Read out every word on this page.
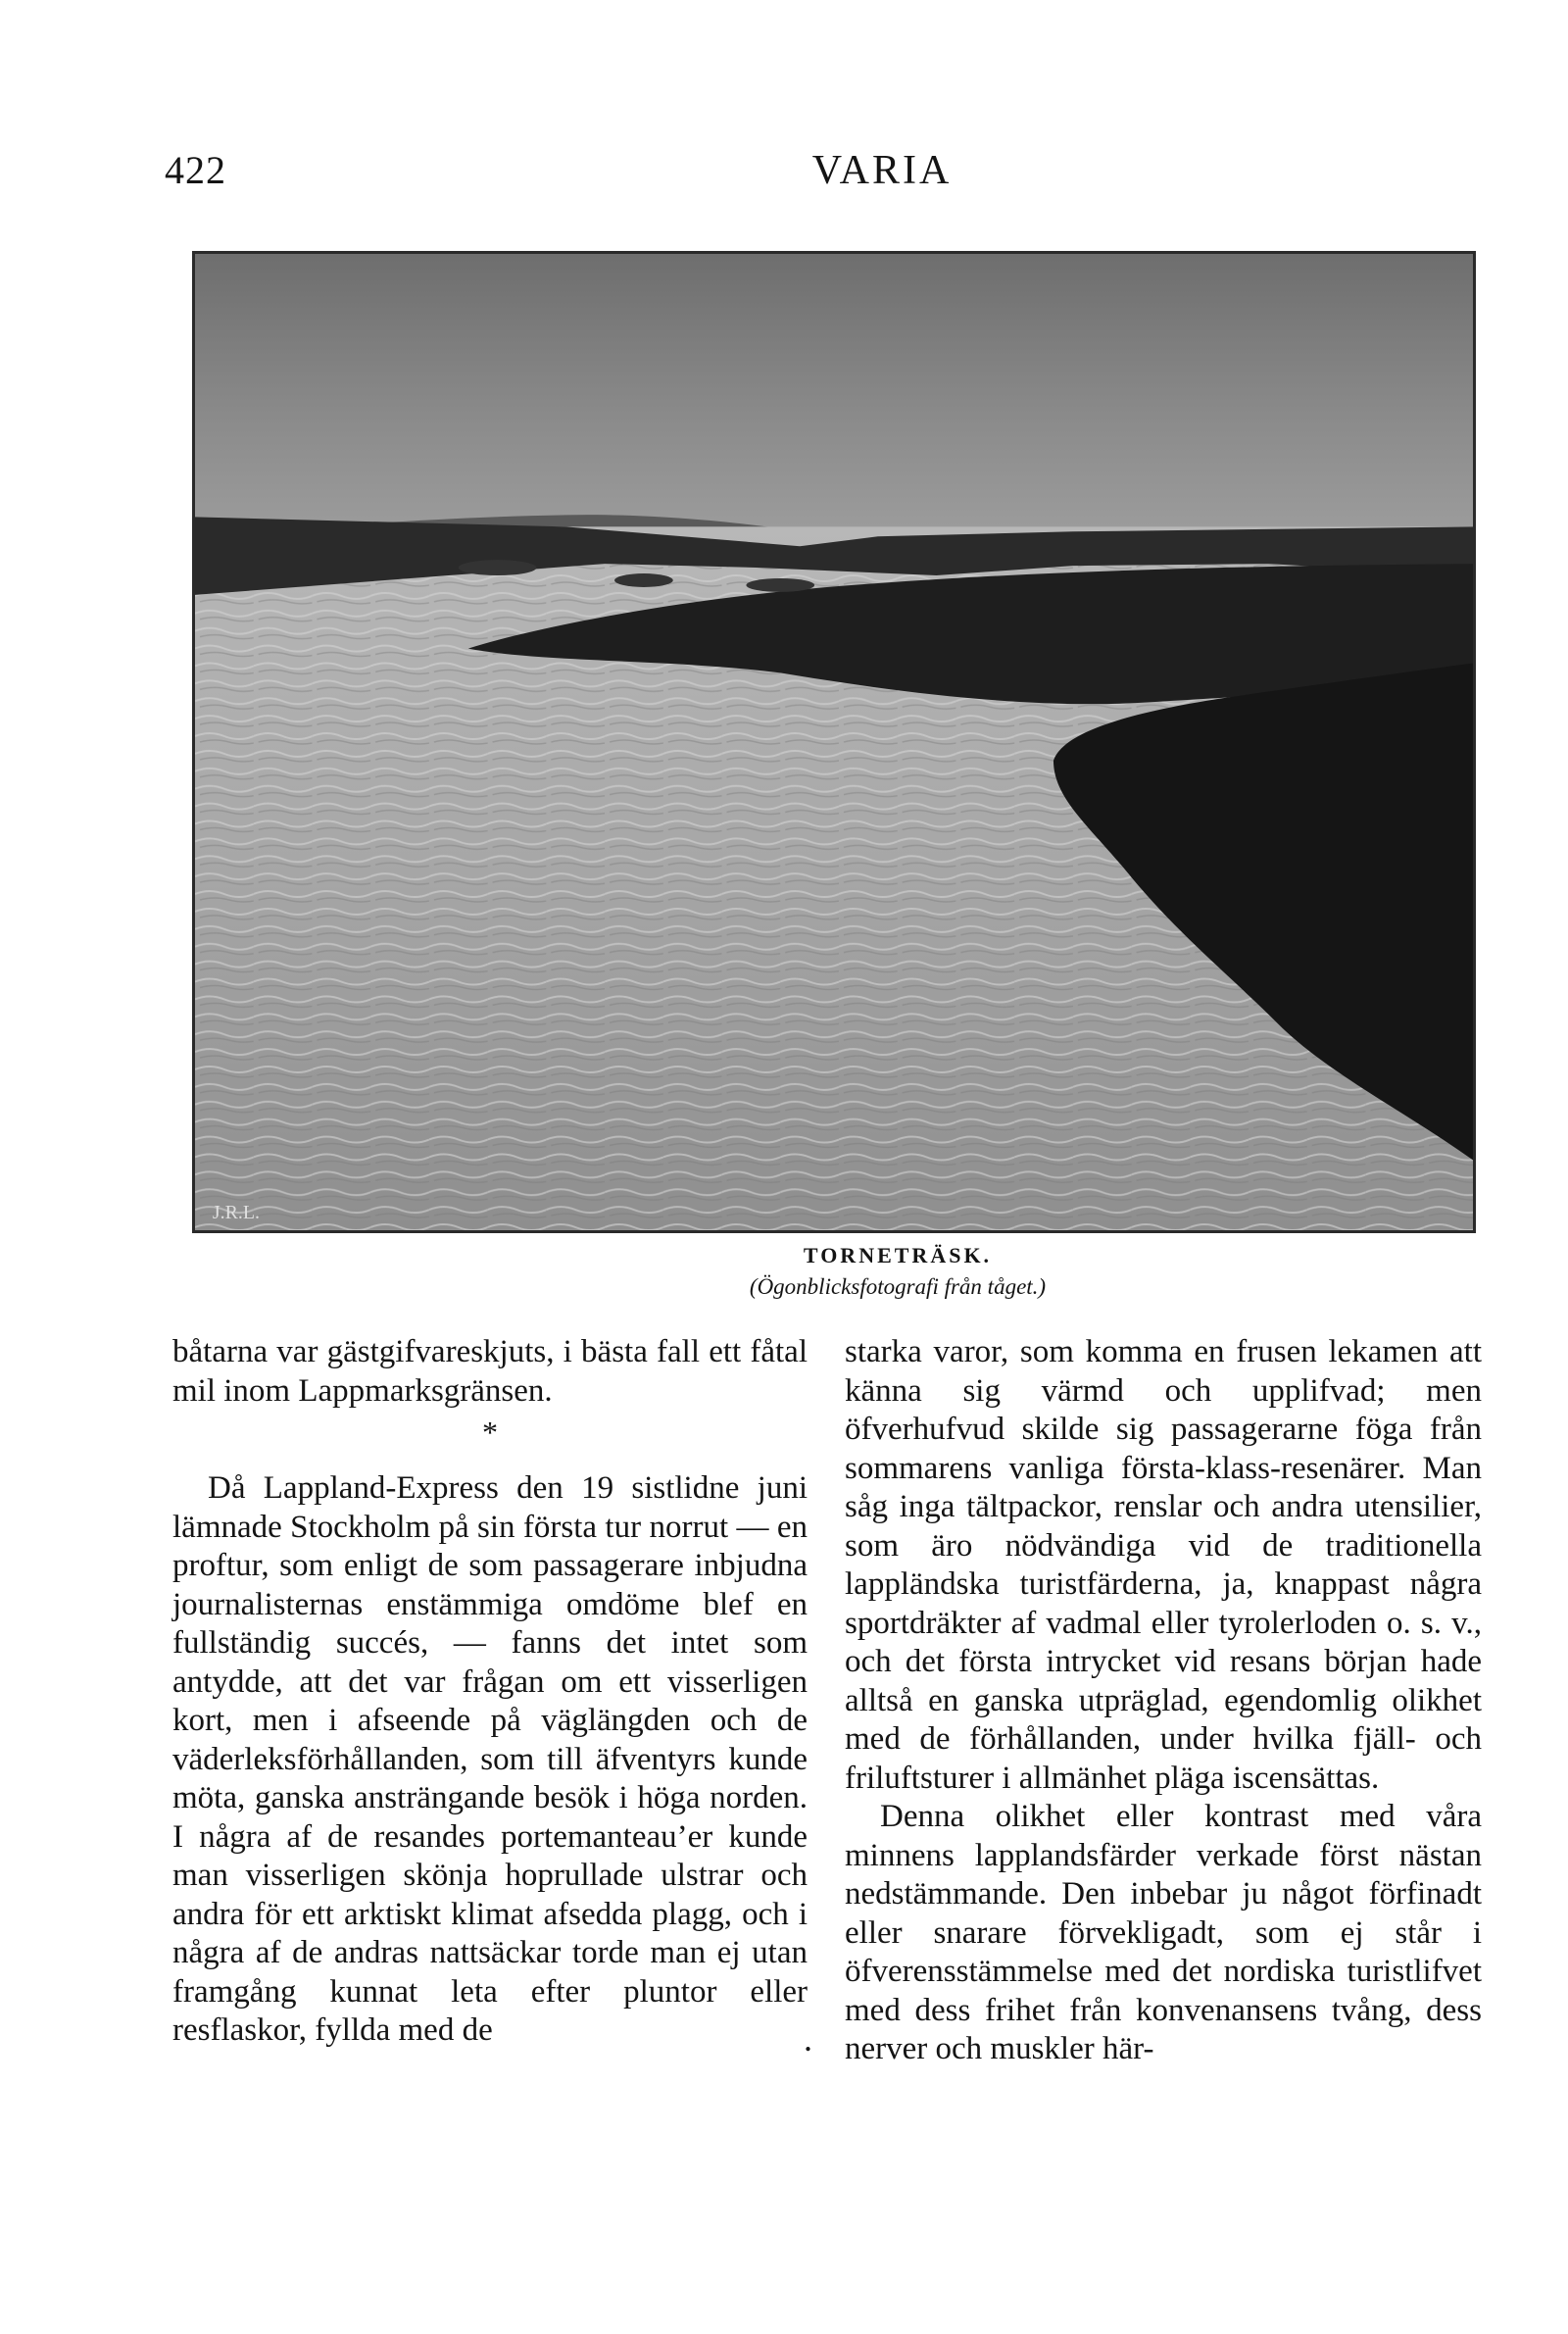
422	VARIA
J.R.L.
TORNETRÄSK.
(Ögonblicksfotografi från tåget.)

båtarna var gästgifvareskjuts, i bästa fall ett fåtal mil inom Lappmarksgränsen.

*

Då Lappland-Express den 19 sistlidne juni lämnade Stockholm på sin första tur norrut — en proftur, som enligt de som passagerare inbjudna journalisternas enstämmiga omdöme blef en fullständig succés, — fanns det intet som antydde, att det var frågan om ett visserligen kort, men i afseende på väglängden och de väderleksförhållanden, som till äfventyrs kunde möta, ganska ansträngande besök i höga norden. I några af de resandes portemanteau’er kunde man visserligen skönja hoprullade ulstrar och andra för ett arktiskt klimat afsedda plagg, och i några af de andras nattsäckar torde man ej utan framgång kunnat leta efter pluntor eller resflaskor, fyllda med de	.

starka varor, som komma en frusen lekamen att känna sig värmd och upplifvad; men öfverhufvud skilde sig passagerarne föga från sommarens vanliga första-klass-resenärer. Man såg inga tältpackor, renslar och andra utensilier, som äro nödvändiga vid de traditionella lappländska turistfärderna, ja, knappast några sportdräkter af vadmal eller tyrolerloden o. s. v., och det första intrycket vid resans början hade alltså en ganska utpräglad, egendomlig olikhet med de förhållanden, under hvilka fjäll- och friluftsturer i allmänhet pläga iscensättas.

Denna olikhet eller kontrast med våra minnens lapplandsfärder verkade först nästan nedstämmande. Den inbebar ju något förfinadt eller snarare förvekligadt, som ej står i öfverensstämmelse med det nordiska turistlifvet med dess frihet från konvenansens tvång, dess nerver och muskler här-
